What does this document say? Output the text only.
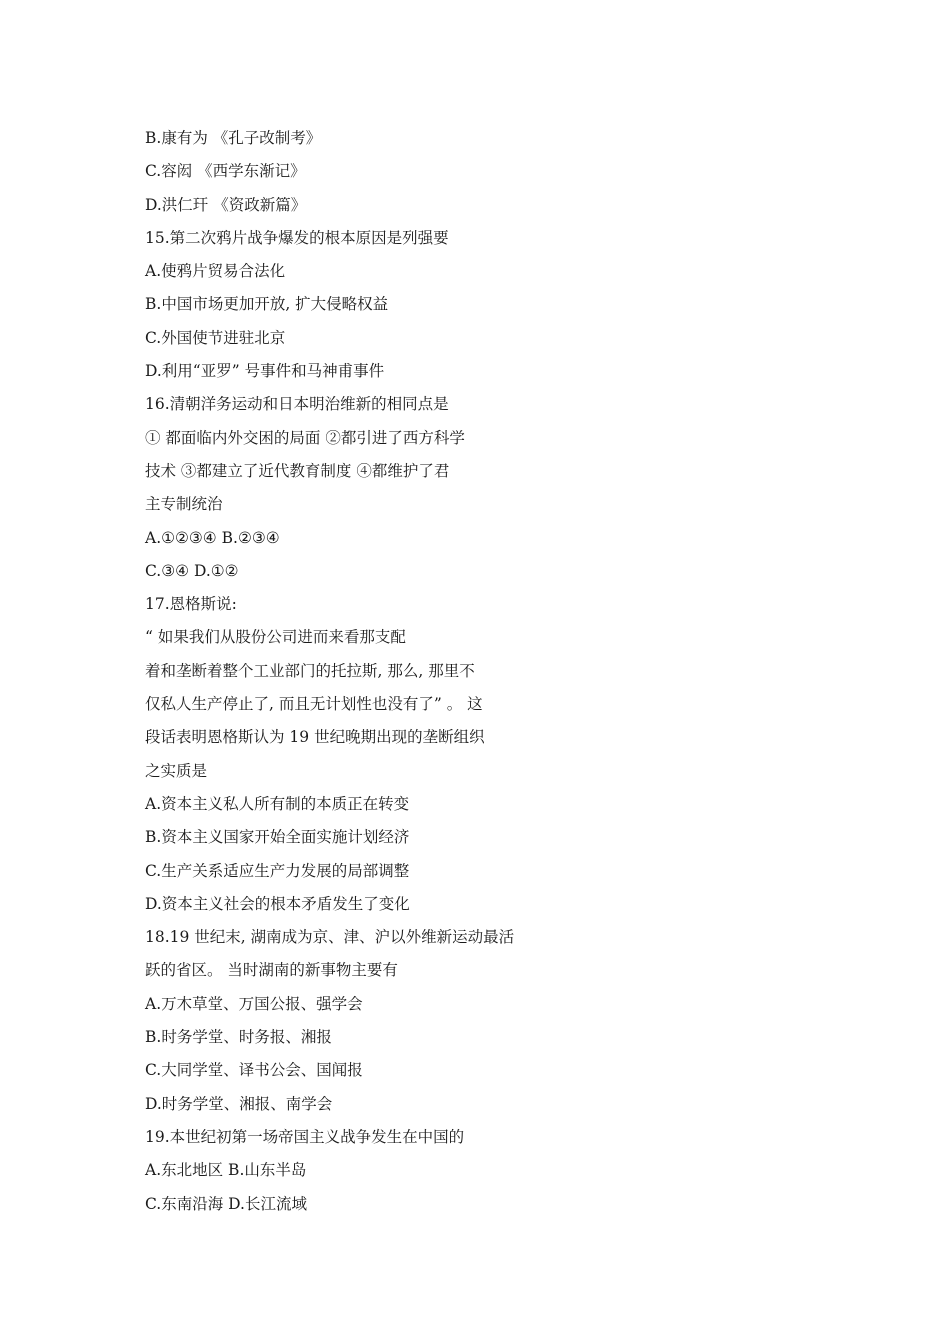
B.康有为 《孔子改制考》
C.容闳 《西学东渐记》
D.洪仁玕 《资政新篇》
15.第二次鸦片战争爆发的根本原因是列强要
A.使鸦片贸易合法化
B.中国市场更加开放, 扩大侵略权益
C.外国使节进驻北京
D.利用“亚罗” 号事件和马神甫事件
16.清朝洋务运动和日本明治维新的相同点是
① 都面临内外交困的局面 ②都引进了西方科学
技术 ③都建立了近代教育制度 ④都维护了君
主专制统治
A.①②③④ B.②③④
C.③④ D.①②
17.恩格斯说:
“ 如果我们从股份公司进而来看那支配
着和垄断着整个工业部门的托拉斯, 那么, 那里不
仅私人生产停止了, 而且无计划性也没有了” 。 这
段话表明恩格斯认为 19 世纪晚期出现的垄断组织
之实质是
A.资本主义私人所有制的本质正在转变
B.资本主义国家开始全面实施计划经济
C.生产关系适应生产力发展的局部调整
D.资本主义社会的根本矛盾发生了变化
18.19 世纪末, 湖南成为京、津、沪以外维新运动最活
跃的省区。 当时湖南的新事物主要有
A.万木草堂、万国公报、强学会
B.时务学堂、时务报、湘报
C.大同学堂、译书公会、国闻报
D.时务学堂、湘报、南学会
19.本世纪初第一场帝国主义战争发生在中国的
A.东北地区 B.山东半岛
C.东南沿海 D.长江流域
